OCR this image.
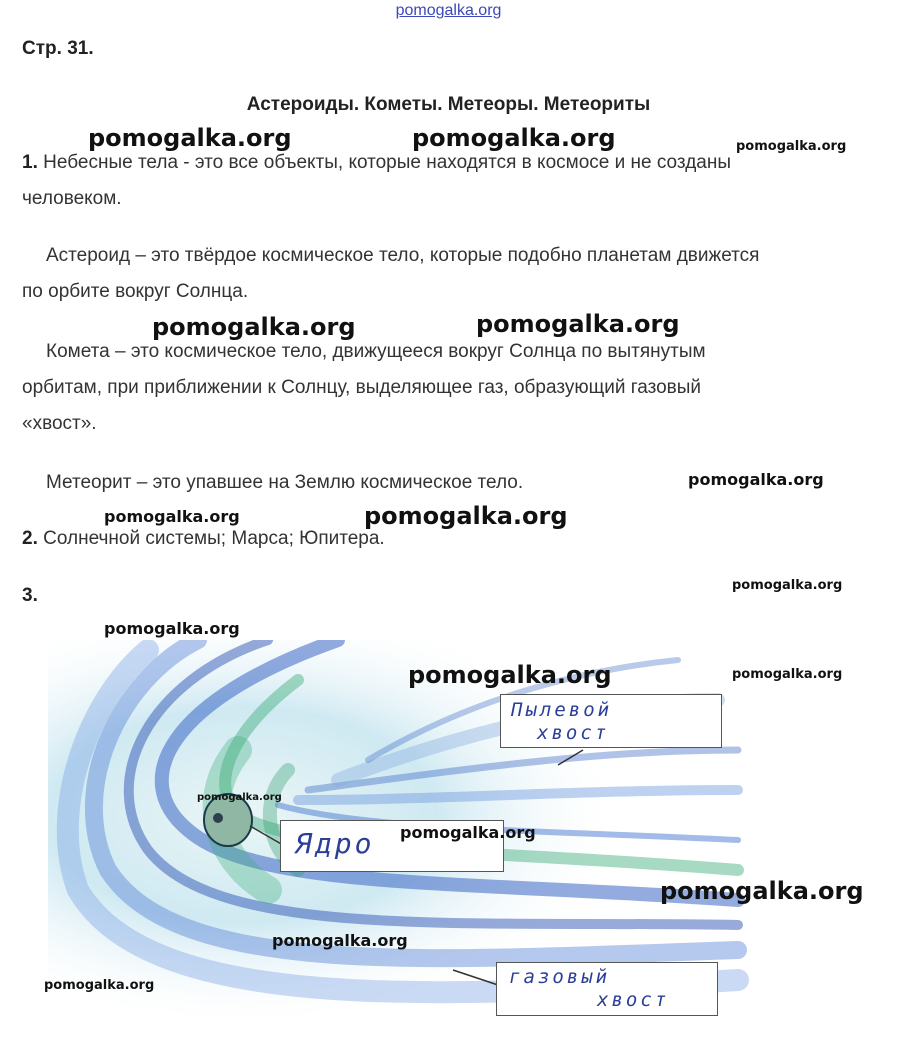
pomogalka.org
Стр. 31.
Астероиды. Кометы. Метеоры. Метеориты
pomogalka.org	pomogalka.org	pomogalka.org
pomogalka.org	pomogalka.org
pomogalka.org
pomogalka.org	pomogalka.org
pomogalka.org
pomogalka.org
1. Небесные тела - это все объекты, которые находятся в космосе и не созданы
человеком.
Астероид – это твёрдое космическое тело, которые подобно планетам движется
по орбите вокруг Солнца.
Комета – это космическое тело, движущееся вокруг Солнца по вытянутым
орбитам, при приближении к Солнцу, выделяющее газ, образующий газовый
«хвост».
Метеорит – это упавшее на Землю космическое тело.
2. Солнечной системы; Марса; Юпитера.
3.
Пылевой
хвост
Ядро
газовый
хвост
pomogalka.org	pomogalka.org
pomogalka.org
pomogalka.org
pomogalka.org
pomogalka.org
pomogalka.org
